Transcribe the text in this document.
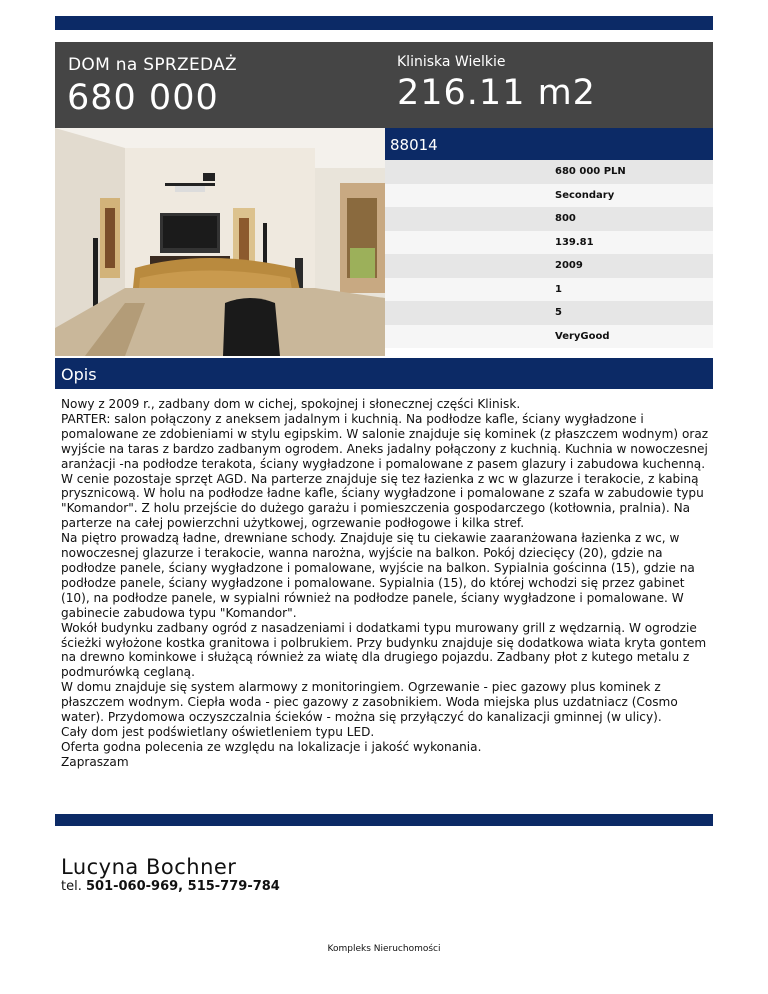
DOM na SPRZEDAŻ
680 000
Kliniska Wielkie
216.11 m2
88014
680 000 PLN
Secondary
800
139.81
2009
1
5
VeryGood
Opis

Nowy z 2009 r., zadbany dom w cichej, spokojnej i słonecznej części Klinisk.

PARTER: salon połączony z aneksem jadalnym i kuchnią. Na podłodze kafle, ściany wygładzone i pomalowane ze zdobieniami w stylu egipskim. W salonie znajduje się kominek (z płaszczem wodnym) oraz wyjście na taras z bardzo zadbanym ogrodem. Aneks jadalny połączony z kuchnią. Kuchnia w nowoczesnej aranżacji -na podłodze terakota, ściany wygładzone i pomalowane z pasem glazury i zabudowa kuchenną. W cenie pozostaje sprzęt AGD. Na parterze znajduje się tez łazienka z wc w glazurze i terakocie, z kabiną prysznicową. W holu na podłodze ładne kafle, ściany wygładzone i pomalowane z szafa w zabudowie typu "Komandor". Z holu przejście do dużego garażu i pomieszczenia gospodarczego (kotłownia, pralnia). Na parterze na całej powierzchni użytkowej, ogrzewanie podłogowe i kilka stref.

Na piętro prowadzą ładne, drewniane schody. Znajduje się tu ciekawie zaaranżowana łazienka z wc, w nowoczesnej glazurze i terakocie, wanna narożna, wyjście na balkon. Pokój dziecięcy (20), gdzie na podłodze panele, ściany wygładzone i pomalowane, wyjście na balkon. Sypialnia gościnna (15), gdzie na podłodze panele, ściany wygładzone i pomalowane. Sypialnia (15), do której wchodzi się przez gabinet (10), na podłodze panele, w sypialni również na podłodze panele, ściany wygładzone i pomalowane. W gabinecie zabudowa typu "Komandor".

Wokół budynku zadbany ogród z nasadzeniami i dodatkami typu murowany grill z wędzarnią. W ogrodzie ścieżki wyłożone kostka granitowa i polbrukiem. Przy budynku znajduje się dodatkowa wiata kryta gontem na drewno kominkowe i służącą również za wiatę dla drugiego pojazdu. Zadbany płot z kutego metalu z podmurówką ceglaną.

W domu znajduje się system alarmowy z monitoringiem. Ogrzewanie - piec gazowy plus kominek z płaszczem wodnym. Ciepła woda - piec gazowy z zasobnikiem. Woda miejska plus uzdatniacz (Cosmo water). Przydomowa oczyszczalnia ścieków - można się przyłączyć do kanalizacji gminnej (w ulicy).

Cały dom jest podświetlany oświetleniem typu LED.

Oferta godna polecenia ze względu na lokalizacje i jakość wykonania.

Zapraszam

Lucyna Bochner
tel. 501-060-969, 515-779-784
Kompleks Nieruchomości
